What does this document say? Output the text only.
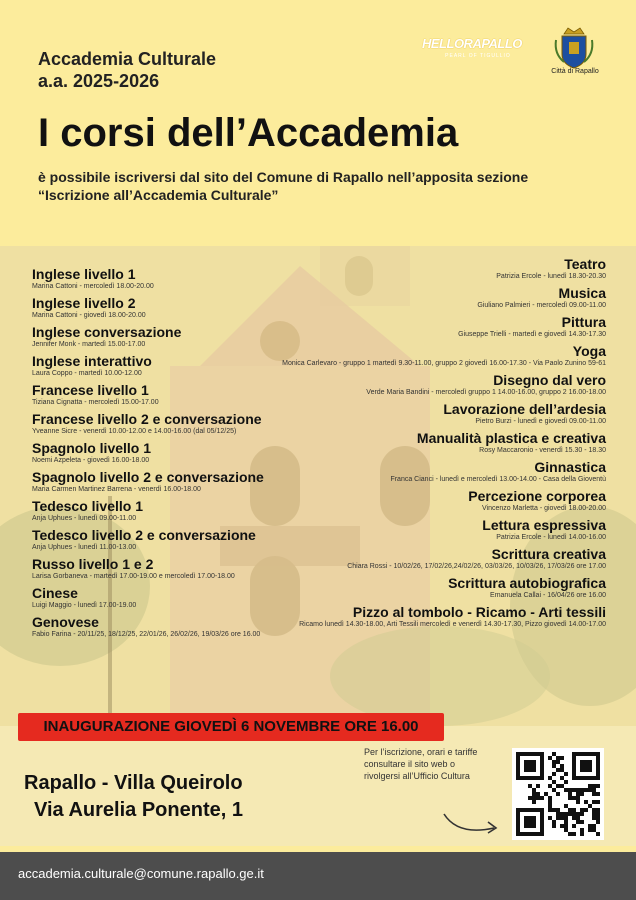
Accademia Culturale
a.a. 2025-2026
HELLORAPALLO
PEARL OF TIGULLIO
Città di Rapallo
I corsi dell’Accademia
è possibile iscriversi dal sito del Comune di Rapallo nell’apposita sezione “Iscrizione all’Accademia Culturale”
Inglese livello 1
Marina Cattoni - mercoledì 18.00-20.00
Inglese livello 2
Marina Cattoni - giovedì 18.00-20.00
Inglese conversazione
Jennifer Monk - martedì 15.00-17.00
Inglese interattivo
Laura Coppo - martedì 10.00-12.00
Francese livello 1
Tiziana Cignatta - mercoledì 15.00-17.00
Francese livello 2 e conversazione
Yveanne Sicre - venerdì 10.00-12.00 e 14.00-16.00 (dal 05/12/25)
Spagnolo livello 1
Noemi Azpeleta - giovedì 16.00-18.00
Spagnolo livello 2 e conversazione
Maria Carmen Martinez Barrena - venerdì 16.00-18.00
Tedesco livello 1
Anja Uphues - lunedì 09.00-11.00
Tedesco livello 2 e conversazione
Anja Uphues - lunedì 11.00-13.00
Russo livello 1 e 2
Larisa Gorbaneva - martedì 17.00-19.00 e mercoledì 17.00-18.00
Cinese
Luigi Maggio - lunedì 17.00-19.00
Genovese
Fabio Farina - 20/11/25, 18/12/25, 22/01/26, 26/02/26, 19/03/26 ore 16.00
Teatro
Patrizia Ercole - lunedì 18.30-20.30
Musica
Giuliano Palmieri - mercoledì 09.00-11.00
Pittura
Giuseppe Trielli - martedì e giovedì 14.30-17.30
Yoga
Monica Carlevaro - gruppo 1 martedì 9.30-11.00, gruppo 2 giovedì 16.00-17.30 - Via Paolo Zunino 59-61
Disegno dal vero
Verde Maria Bandini - mercoledì gruppo 1 14.00-16.00, gruppo 2 16.00-18.00
Lavorazione dell’ardesia
Pietro Burzi - lunedì e giovedì 09.00-11.00
Manualità plastica e creativa
Rosy Maccaronio - venerdì 15.30 - 18.30
Ginnastica
Franca Cianci - lunedì e mercoledì 13.00-14.00 - Casa della Gioventù
Percezione corporea
Vincenzo Marletta - giovedì 18.00-20.00
Lettura espressiva
Patrizia Ercole - lunedì 14.00-16.00
Scrittura creativa
Chiara Rossi - 10/02/26, 17/02/26,24/02/26, 03/03/26, 10/03/26, 17/03/26 ore 17.00
Scrittura autobiografica
Emanuela Callai - 16/04/26 ore 16.00
Pizzo al tombolo - Ricamo - Arti tessili
Ricamo lunedì 14.30-18.00, Arti Tessili mercoledì e venerdì 14.30-17.30, Pizzo giovedì 14.00-17.00
INAUGURAZIONE GIOVEDÌ 6 NOVEMBRE ORE 16.00
Rapallo - Villa Queirolo
Via Aurelia Ponente, 1
Per l’iscrizione, orari e tariffe consultare il sito web o rivolgersi all’Ufficio Cultura
accademia.culturale@comune.rapallo.ge.it
